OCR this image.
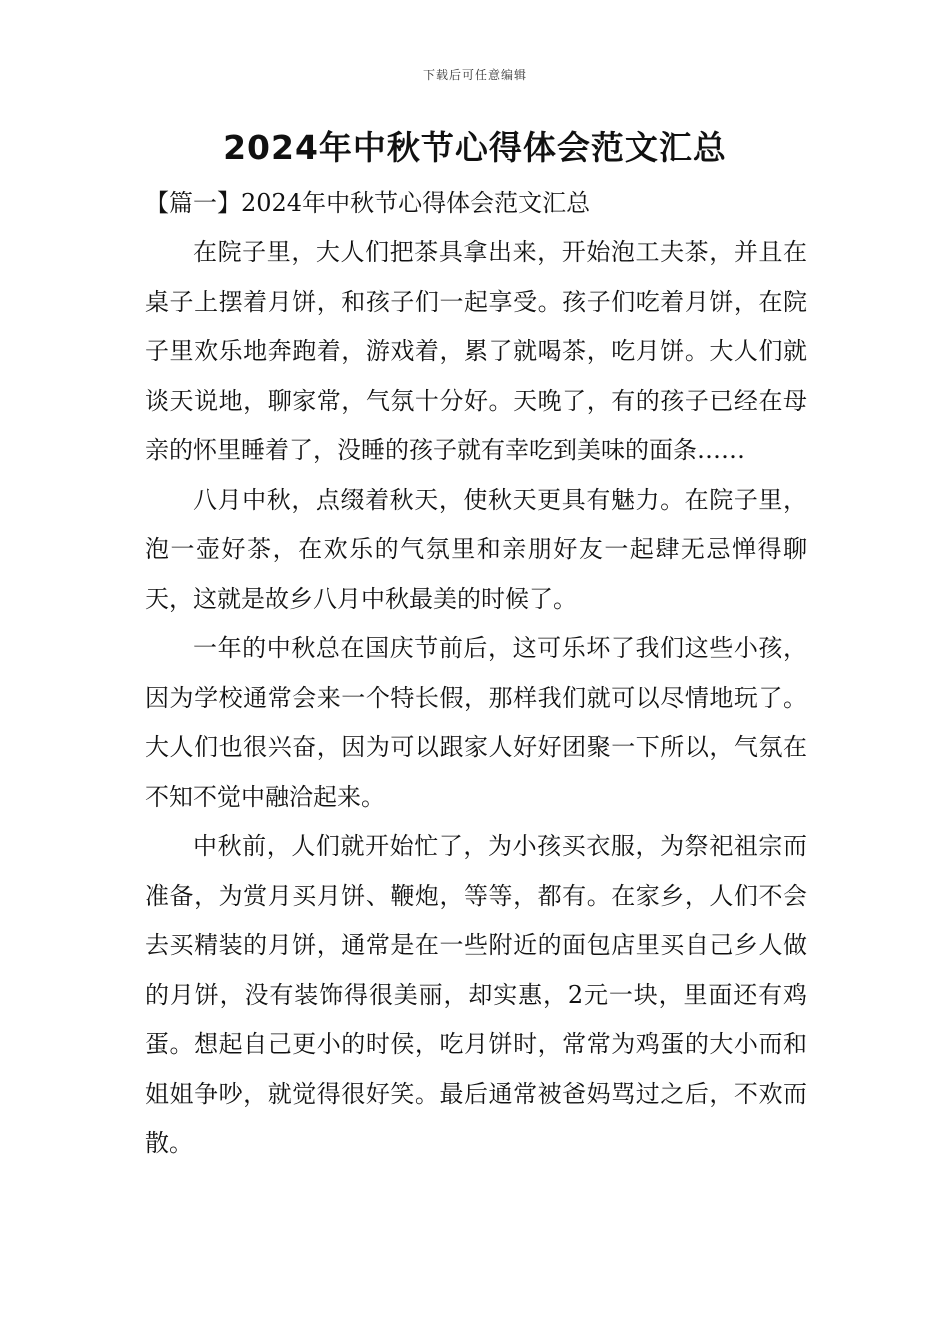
下载后可任意编辑
2024年中秋节心得体会范文汇总

【篇一】2024年中秋节心得体会范文汇总

在院子里，大人们把茶具拿出来，开始泡工夫茶，并且在桌子上摆着月饼，和孩子们一起享受。孩子们吃着月饼，在院子里欢乐地奔跑着，游戏着，累了就喝茶，吃月饼。大人们就谈天说地，聊家常，气氛十分好。天晚了，有的孩子已经在母亲的怀里睡着了，没睡的孩子就有幸吃到美味的面条……

八月中秋，点缀着秋天，使秋天更具有魅力。在院子里，泡一壶好茶，在欢乐的气氛里和亲朋好友一起肆无忌惮得聊天，这就是故乡八月中秋最美的时候了。

一年的中秋总在国庆节前后，这可乐坏了我们这些小孩，因为学校通常会来一个特长假，那样我们就可以尽情地玩了。大人们也很兴奋，因为可以跟家人好好团聚一下所以，气氛在不知不觉中融洽起来。

中秋前，人们就开始忙了，为小孩买衣服，为祭祀祖宗而准备，为赏月买月饼、鞭炮，等等，都有。在家乡，人们不会去买精装的月饼，通常是在一些附近的面包店里买自己乡人做的月饼，没有装饰得很美丽，却实惠，2元一块，里面还有鸡蛋。想起自己更小的时侯，吃月饼时，常常为鸡蛋的大小而和姐姐争吵，就觉得很好笑。最后通常被爸妈骂过之后，不欢而散。
